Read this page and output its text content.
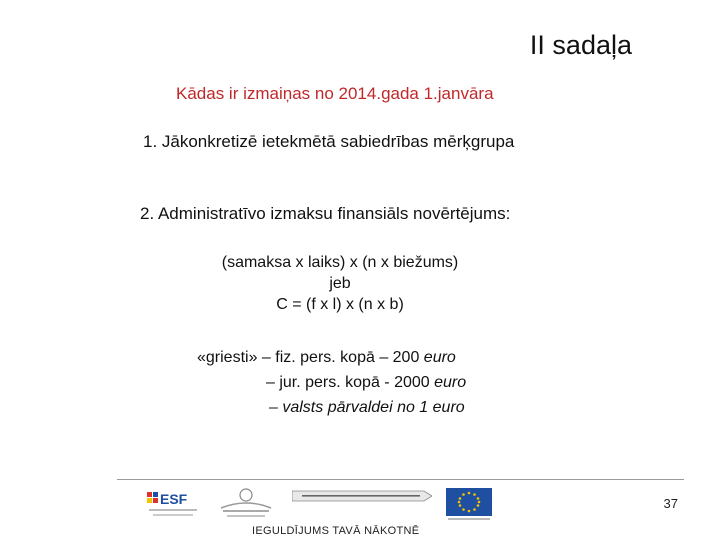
II sadaļa
Kādas ir izmaiņas no 2014.gada 1.janvāra
1. Jākonkretizē ietekmētā sabiedrības mērķgrupa
2. Administratīvo izmaksu finansiāls novērtējums:
(samaksa x laiks) x (n x biežums)
jeb
C = (f x l) x (n x b)
«griesti» – fiz. pers. kopā – 200 euro
– jur. pers. kopā - 2000 euro
– valsts pārvaldei no 1 euro
ESF	37
IEGULDĪJUMS TAVĀ NĀKOTNĒ
